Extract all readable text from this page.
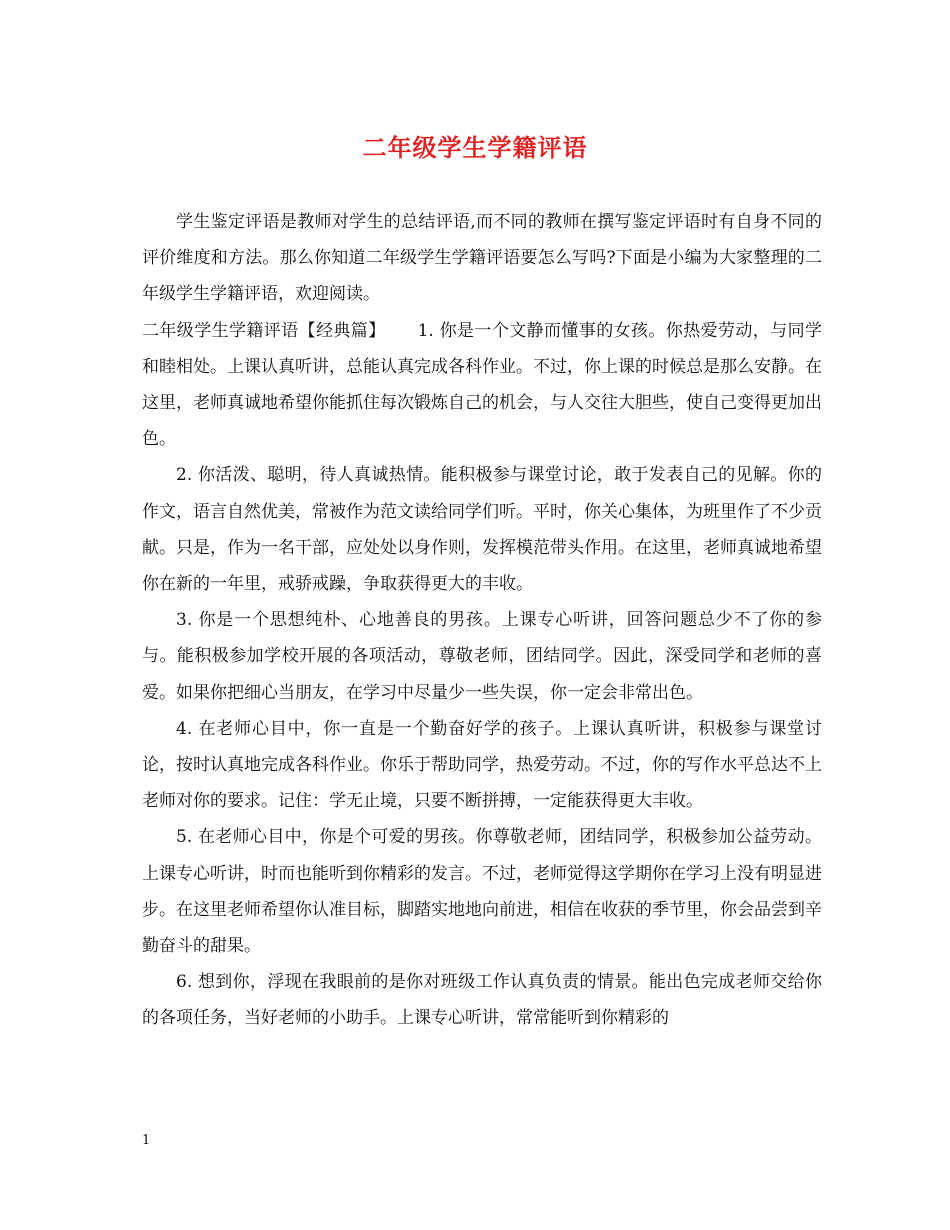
二年级学生学籍评语

学生鉴定评语是教师对学生的总结评语,而不同的教师在撰写鉴定评语时有自身不同的评价维度和方法。那么你知道二年级学生学籍评语要怎么写吗?下面是小编为大家整理的二年级学生学籍评语，欢迎阅读。

二年级学生学籍评语【经典篇】 1. 你是一个文静而懂事的女孩。你热爱劳动，与同学和睦相处。上课认真听讲，总能认真完成各科作业。不过，你上课的时候总是那么安静。在这里，老师真诚地希望你能抓住每次锻炼自己的机会，与人交往大胆些，使自己变得更加出色。

2. 你活泼、聪明，待人真诚热情。能积极参与课堂讨论，敢于发表自己的见解。你的作文，语言自然优美，常被作为范文读给同学们听。平时，你关心集体，为班里作了不少贡献。只是，作为一名干部，应处处以身作则，发挥模范带头作用。在这里，老师真诚地希望你在新的一年里，戒骄戒躁，争取获得更大的丰收。

3. 你是一个思想纯朴、心地善良的男孩。上课专心听讲，回答问题总少不了你的参与。能积极参加学校开展的各项活动，尊敬老师，团结同学。因此，深受同学和老师的喜爱。如果你把细心当朋友，在学习中尽量少一些失误，你一定会非常出色。

4. 在老师心目中，你一直是一个勤奋好学的孩子。上课认真听讲，积极参与课堂讨论，按时认真地完成各科作业。你乐于帮助同学，热爱劳动。不过，你的写作水平总达不上老师对你的要求。记住：学无止境，只要不断拼搏，一定能获得更大丰收。

5. 在老师心目中，你是个可爱的男孩。你尊敬老师，团结同学，积极参加公益劳动。上课专心听讲，时而也能听到你精彩的发言。不过，老师觉得这学期你在学习上没有明显进步。在这里老师希望你认准目标，脚踏实地地向前进，相信在收获的季节里，你会品尝到辛勤奋斗的甜果。

6. 想到你，浮现在我眼前的是你对班级工作认真负责的情景。能出色完成老师交给你的各项任务，当好老师的小助手。上课专心听讲，常常能听到你精彩的

1
